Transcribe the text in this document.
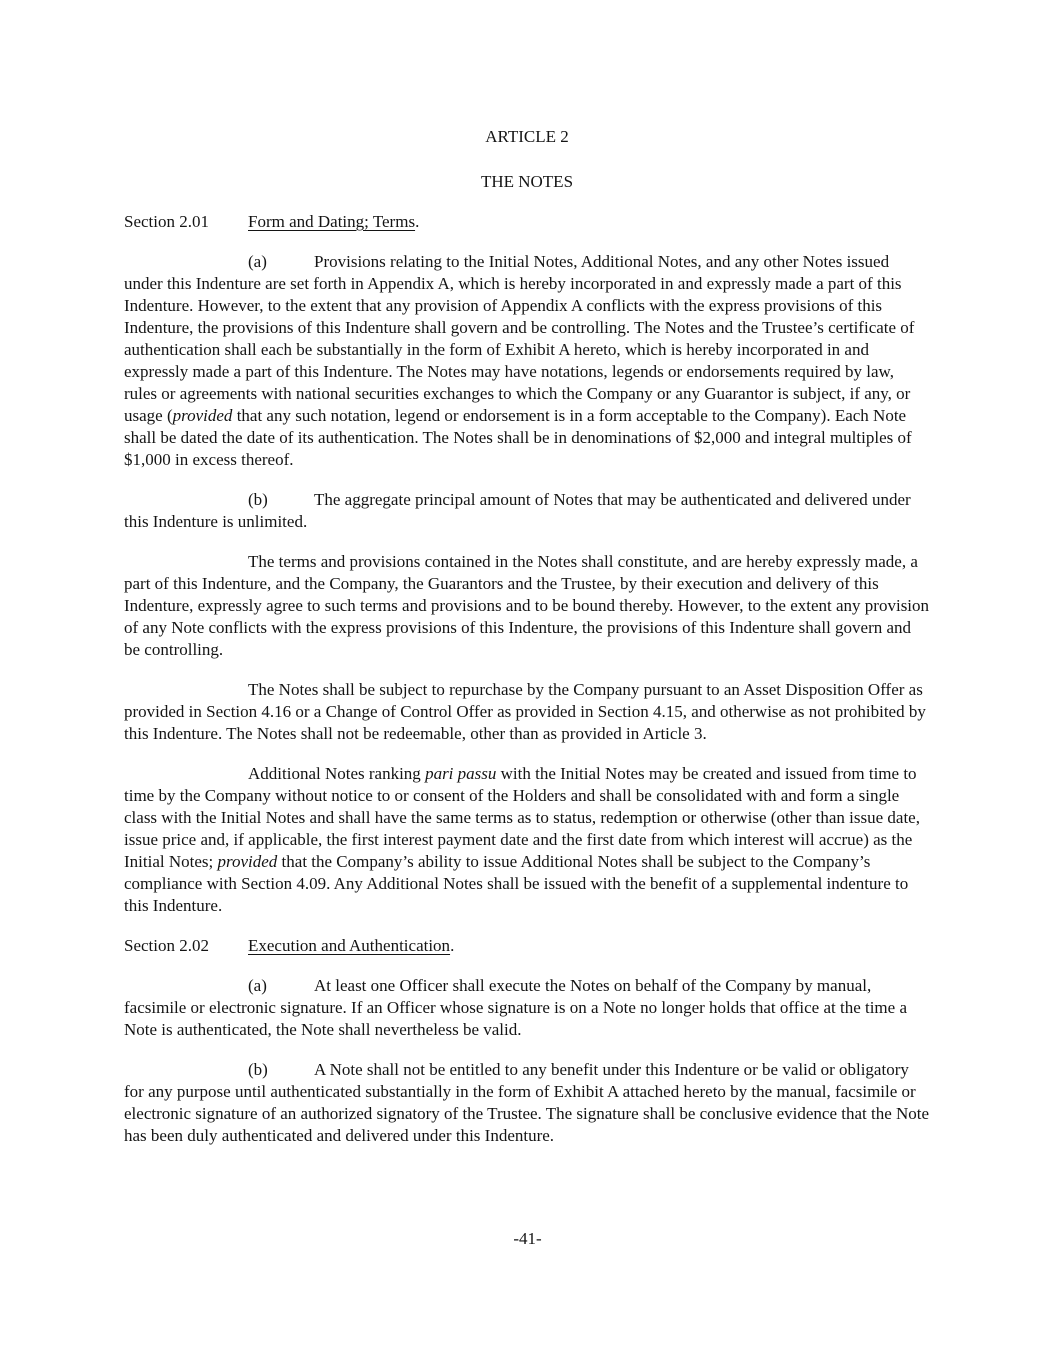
ARTICLE 2

THE NOTES

Section 2.01 Form and Dating; Terms.

(a)	Provisions relating to the Initial Notes, Additional Notes, and any other Notes issued under this Indenture are set forth in Appendix A, which is hereby incorporated in and expressly made a part of this Indenture. However, to the extent that any provision of Appendix A conflicts with the express provisions of this Indenture, the provisions of this Indenture shall govern and be controlling. The Notes and the Trustee’s certificate of authentication shall each be substantially in the form of Exhibit A hereto, which is hereby incorporated in and expressly made a part of this Indenture. The Notes may have notations, legends or endorsements required by law, rules or agreements with national securities exchanges to which the Company or any Guarantor is subject, if any, or usage (provided that any such notation, legend or endorsement is in a form acceptable to the Company). Each Note shall be dated the date of its authentication. The Notes shall be in denominations of $2,000 and integral multiples of $1,000 in excess thereof.

(b)	The aggregate principal amount of Notes that may be authenticated and delivered under this Indenture is unlimited.

The terms and provisions contained in the Notes shall constitute, and are hereby expressly made, a part of this Indenture, and the Company, the Guarantors and the Trustee, by their execution and delivery of this Indenture, expressly agree to such terms and provisions and to be bound thereby. However, to the extent any provision of any Note conflicts with the express provisions of this Indenture, the provisions of this Indenture shall govern and be controlling.

The Notes shall be subject to repurchase by the Company pursuant to an Asset Disposition Offer as provided in Section 4.16 or a Change of Control Offer as provided in Section 4.15, and otherwise as not prohibited by this Indenture. The Notes shall not be redeemable, other than as provided in Article 3.

Additional Notes ranking pari passu with the Initial Notes may be created and issued from time to time by the Company without notice to or consent of the Holders and shall be consolidated with and form a single class with the Initial Notes and shall have the same terms as to status, redemption or otherwise (other than issue date, issue price and, if applicable, the first interest payment date and the first date from which interest will accrue) as the Initial Notes; provided that the Company’s ability to issue Additional Notes shall be subject to the Company’s compliance with Section 4.09. Any Additional Notes shall be issued with the benefit of a supplemental indenture to this Indenture.

Section 2.02 Execution and Authentication.

(a)	At least one Officer shall execute the Notes on behalf of the Company by manual, facsimile or electronic signature. If an Officer whose signature is on a Note no longer holds that office at the time a Note is authenticated, the Note shall nevertheless be valid.

(b)	A Note shall not be entitled to any benefit under this Indenture or be valid or obligatory for any purpose until authenticated substantially in the form of Exhibit A attached hereto by the manual, facsimile or electronic signature of an authorized signatory of the Trustee. The signature shall be conclusive evidence that the Note has been duly authenticated and delivered under this Indenture.

-41-
